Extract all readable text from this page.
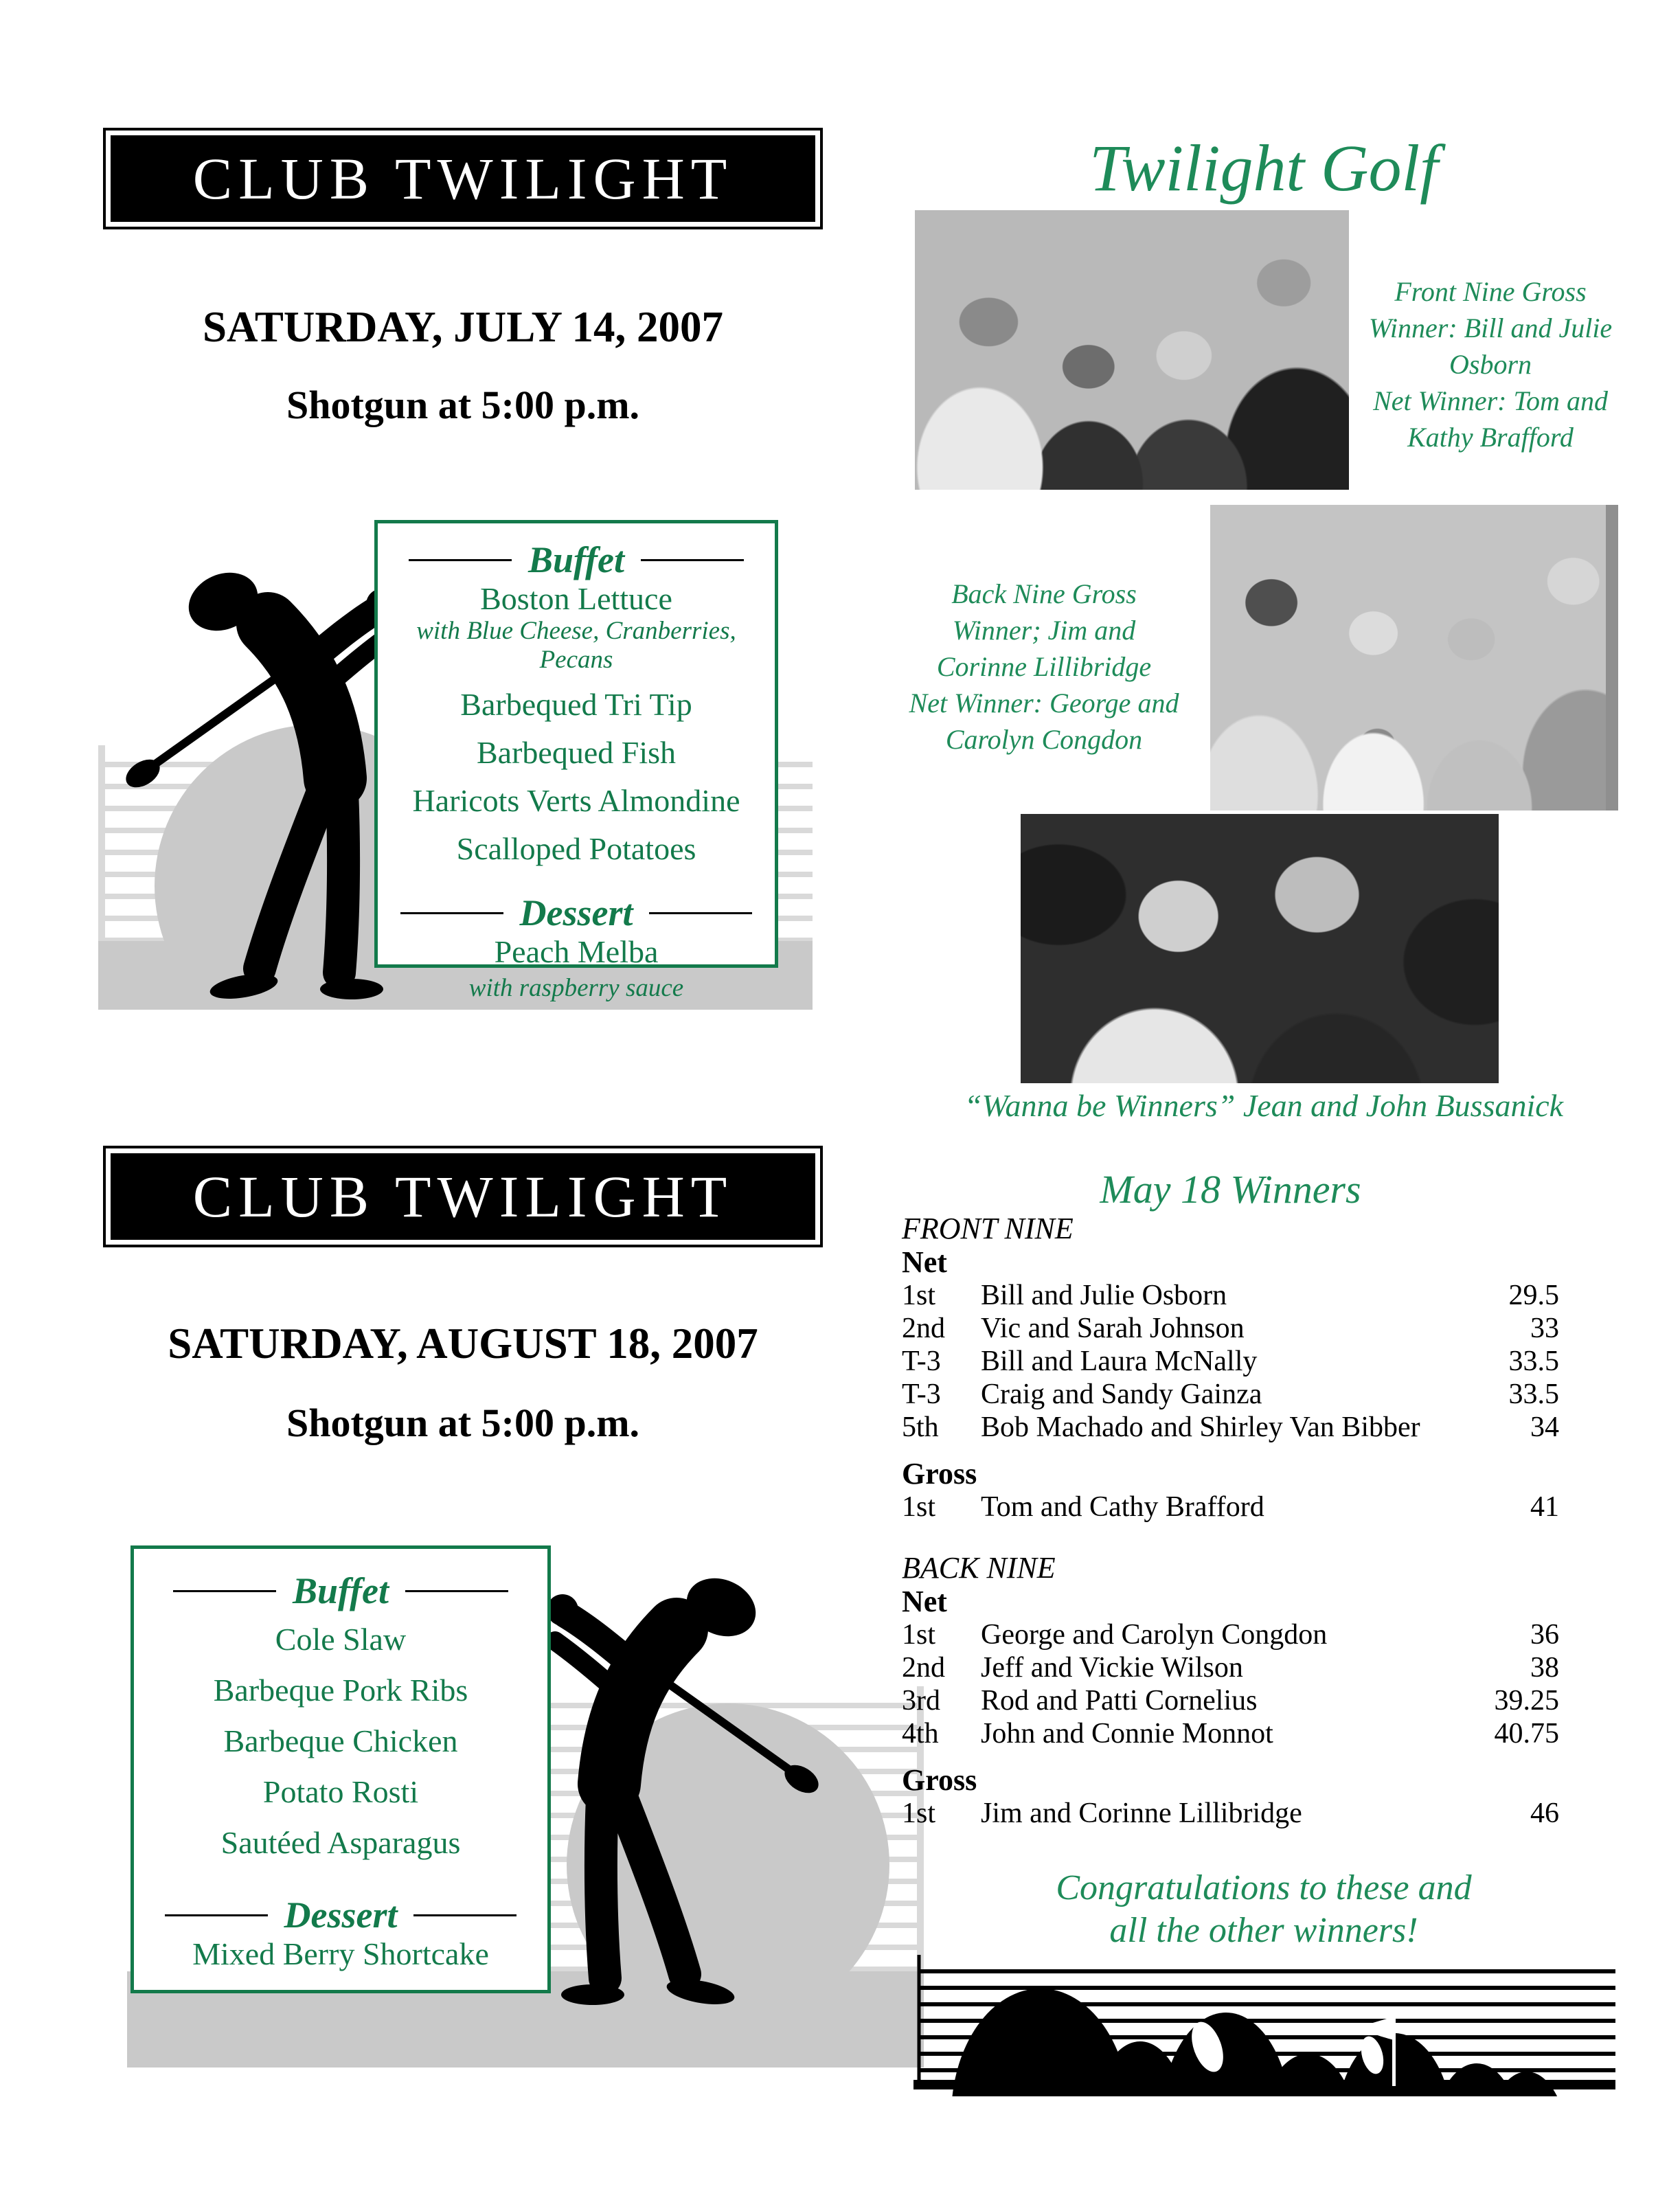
CLUB TWILIGHT
SATURDAY, JULY 14, 2007
Shotgun at 5:00 p.m.
Buffet
Boston Lettuce
with Blue Cheese, Cranberries, Pecans
Barbequed Tri Tip
Barbequed Fish
Haricots Verts Almondine
Scalloped Potatoes
Dessert
Peach Melba
with raspberry sauce
CLUB TWILIGHT
SATURDAY, AUGUST 18, 2007
Shotgun at 5:00 p.m.
Buffet
Cole Slaw
Barbeque Pork Ribs
Barbeque Chicken
Potato Rosti
Sautéed Asparagus
Dessert
Mixed Berry Shortcake
Twilight Golf
Front Nine Gross
Winner: Bill and Julie
Osborn
Net Winner: Tom and
Kathy Brafford
Back Nine Gross
Winner; Jim and
Corinne Lillibridge
Net Winner: George and
Carolyn Congdon
“Wanna be Winners” Jean and John Bussanick
May 18 Winners
FRONT NINE
Net
1st	Bill and Julie Osborn	29.5
2nd	Vic and Sarah Johnson	33
T-3	Bill and Laura McNally	33.5
T-3	Craig and Sandy Gainza	33.5
5th	Bob Machado and Shirley Van Bibber	34
Gross
1st	Tom and Cathy Brafford	41
BACK NINE
Net
1st	George and Carolyn Congdon	36
2nd	Jeff and Vickie Wilson	38
3rd	Rod and Patti Cornelius	39.25
4th	John and Connie Monnot	40.75
Gross
1st	Jim and Corinne Lillibridge	46
Congratulations to these and
all the other winners!
